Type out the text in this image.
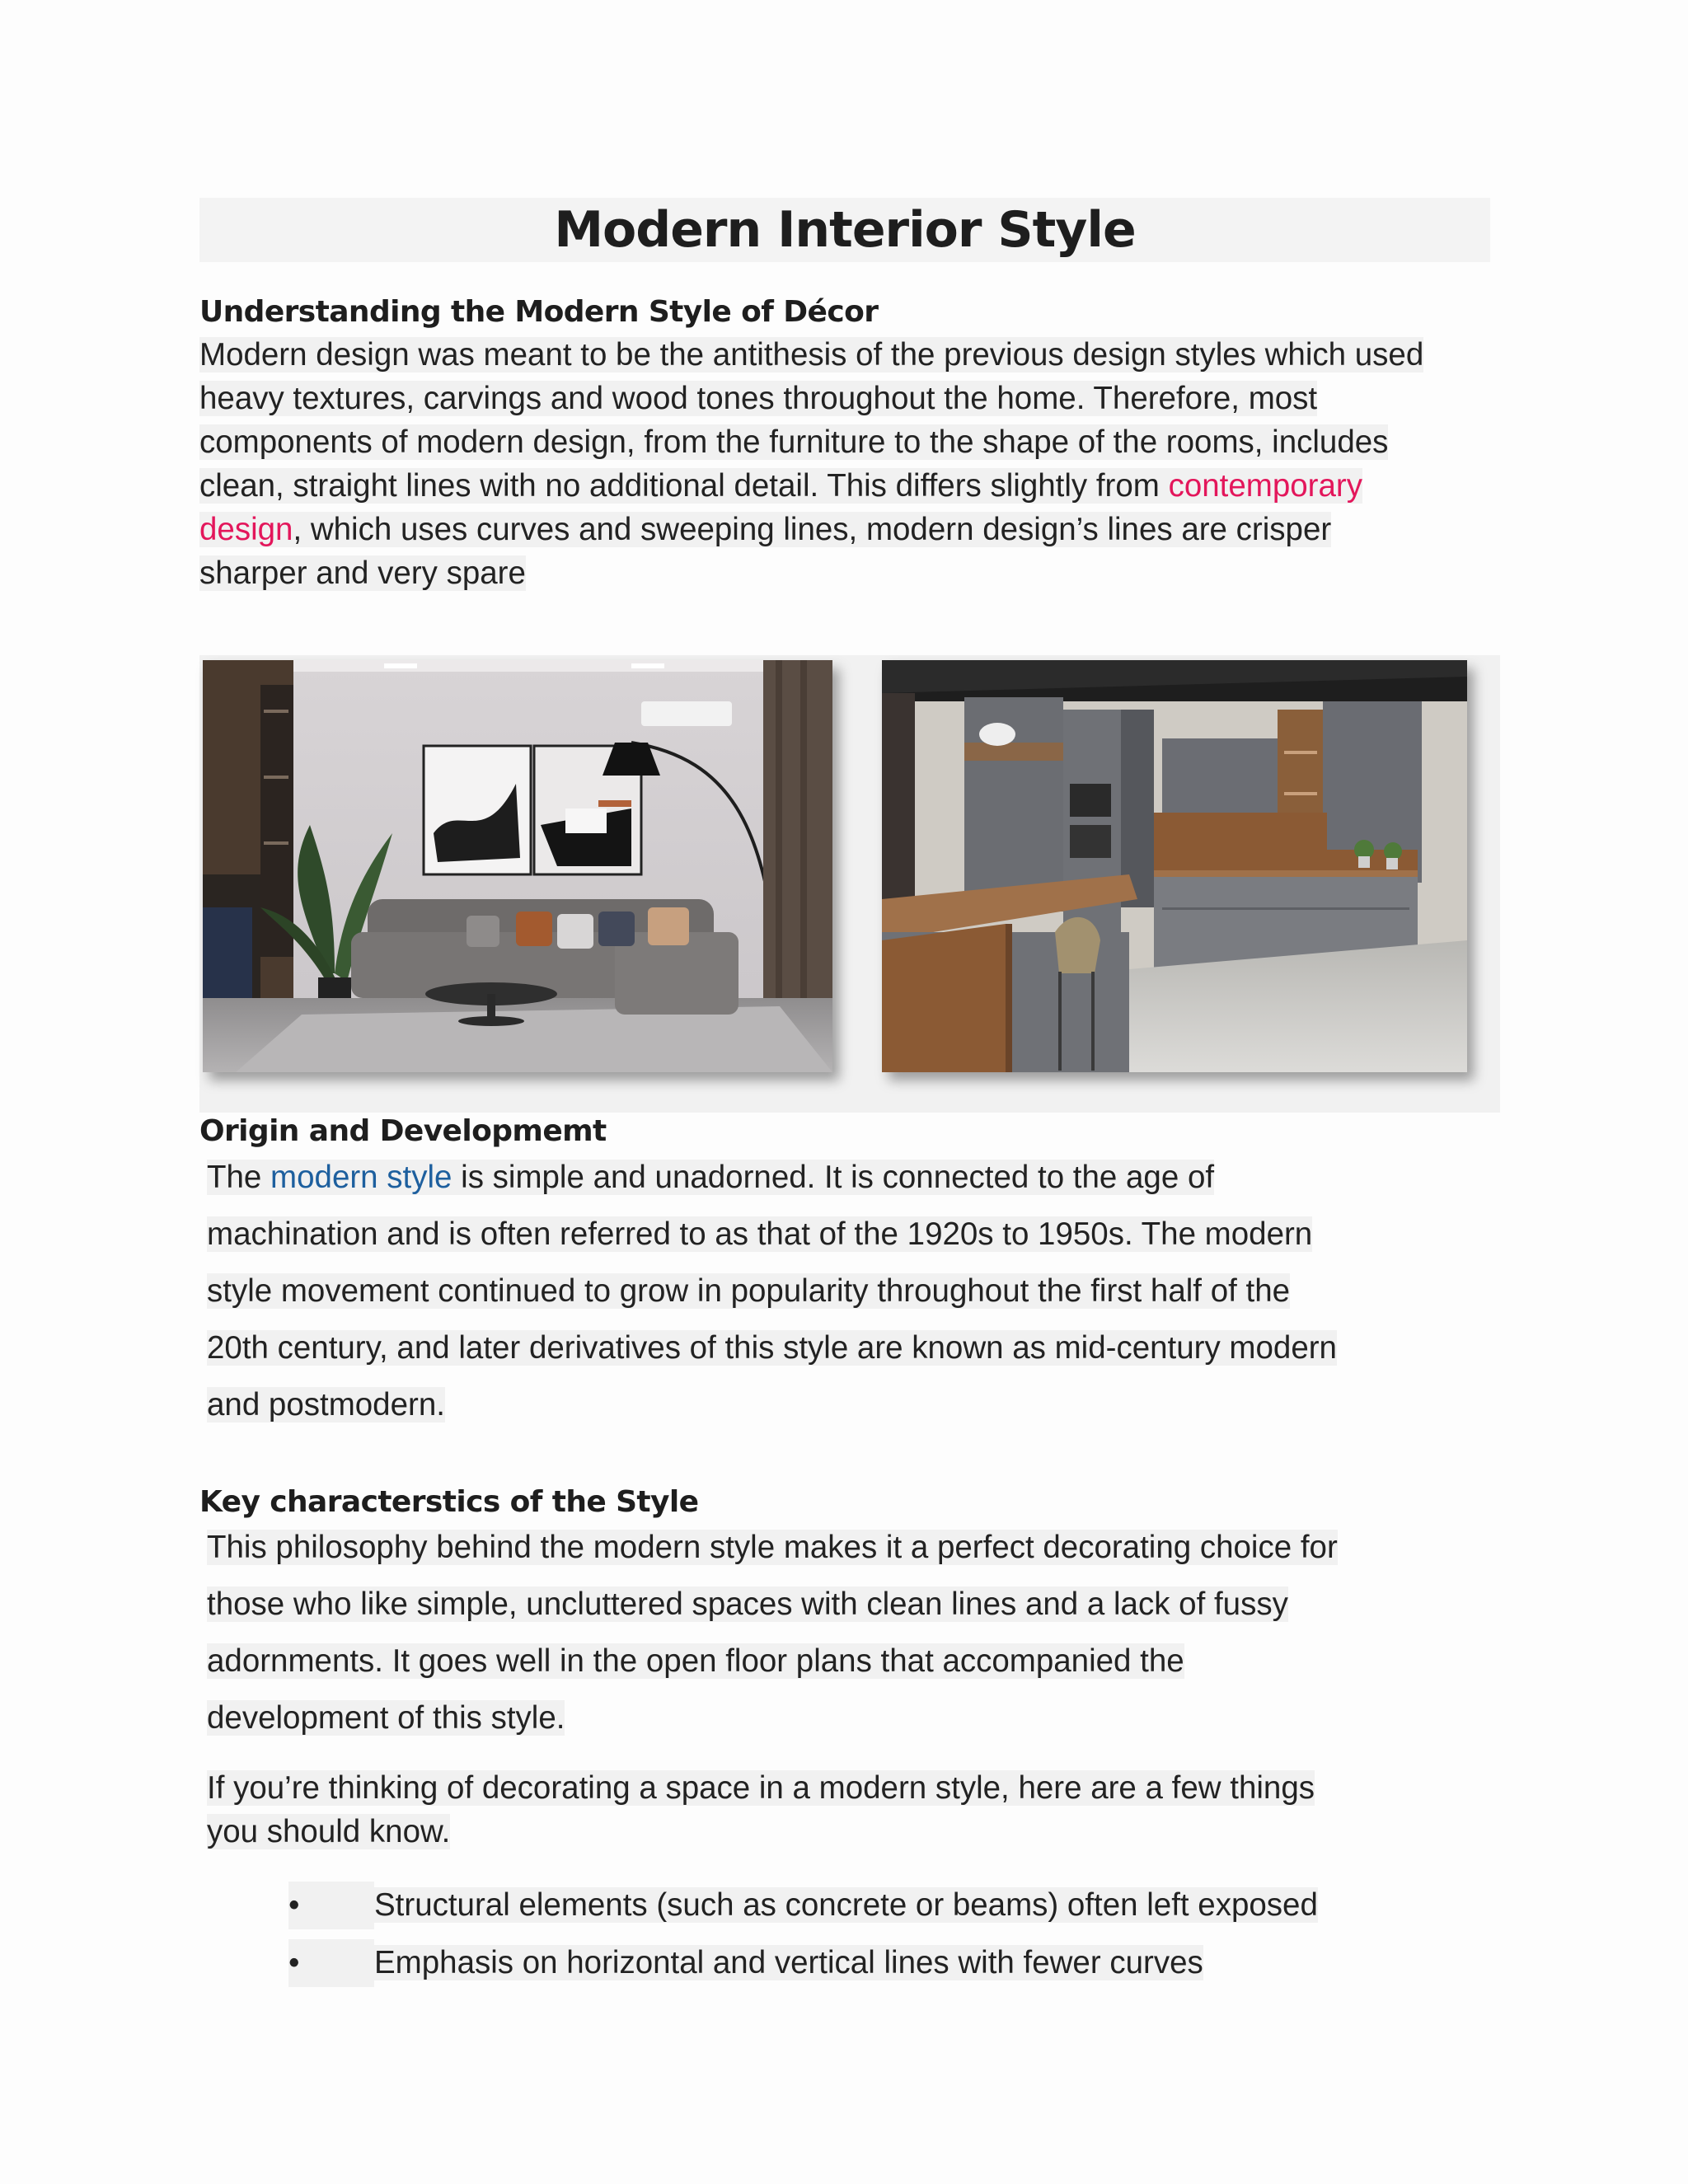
Modern Interior Style
Understanding the Modern Style of Décor
Modern design was meant to be the antithesis of the previous design styles which used
heavy textures, carvings and wood tones throughout the home. Therefore, most
components of modern design, from the furniture to the shape of the rooms, includes
clean, straight lines with no additional detail. This differs slightly from contemporary
design, which uses curves and sweeping lines, modern design’s lines are crisper
sharper and very spare
Origin and Developmemt
The modern style is simple and unadorned. It is connected to the age of
machination and is often referred to as that of the 1920s to 1950s. The modern
style movement continued to grow in popularity throughout the first half of the
20th century, and later derivatives of this style are known as mid-century modern
and postmodern.
Key characterstics of the Style
This philosophy behind the modern style makes it a perfect decorating choice for
those who like simple, uncluttered spaces with clean lines and a lack of fussy
adornments. It goes well in the open floor plans that accompanied the
development of this style.
If you’re thinking of decorating a space in a modern style, here are a few things
you should know.
• Structural elements (such as concrete or beams) often left exposed
• Emphasis on horizontal and vertical lines with fewer curves
